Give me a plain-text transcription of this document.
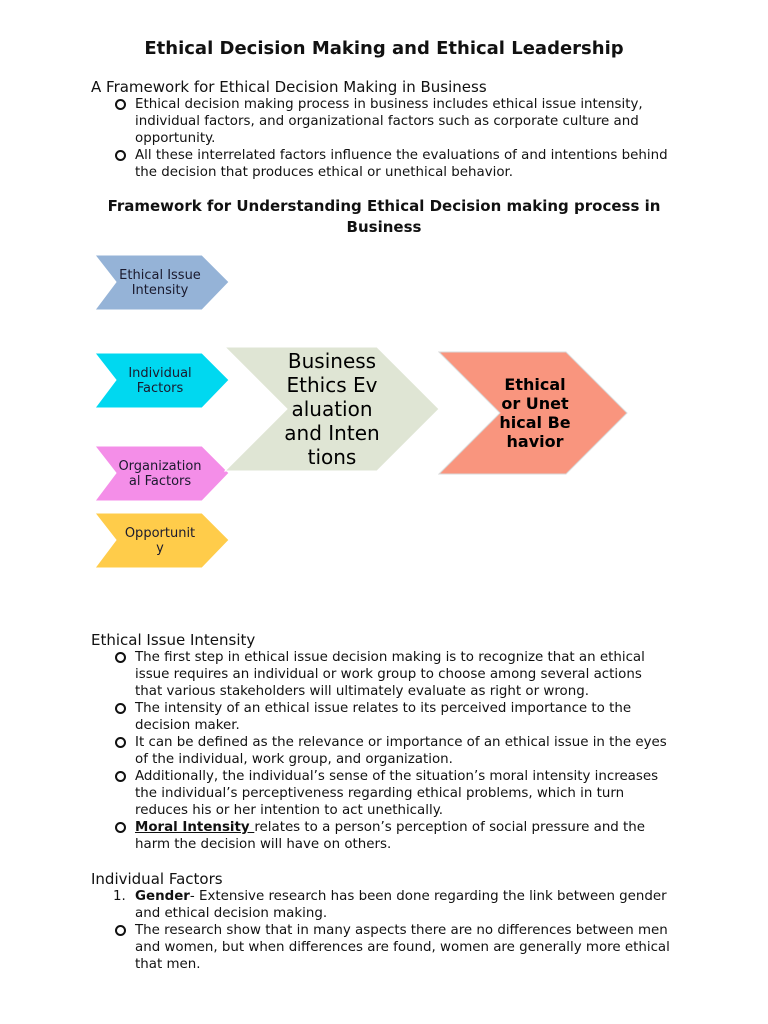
Ethical Decision Making and Ethical Leadership
A Framework for Ethical Decision Making in Business
Ethical decision making process in business includes ethical issue intensity, individual factors, and organizational factors such as corporate culture and opportunity.
All these interrelated factors influence the evaluations of and intentions behind the decision that produces ethical or unethical behavior.
Framework for Understanding Ethical Decision making process in Business
Ethical Issue Intensity
Individual Factors
Organizational Factors
Opportunity
Business Ethics Evaluation and Intentions
Ethical or Unethical Behavior
Ethical Issue Intensity
The first step in ethical issue decision making is to recognize that an ethical issue requires an individual or work group to choose among several actions that various stakeholders will ultimately evaluate as right or wrong.
The intensity of an ethical issue relates to its perceived importance to the decision maker.
It can be defined as the relevance or importance of an ethical issue in the eyes of the individual, work group, and organization.
Additionally, the individual’s sense of the situation’s moral intensity increases the individual’s perceptiveness regarding ethical problems, which in turn reduces his or her intention to act unethically.
Moral Intensity relates to a person’s perception of social pressure and the harm the decision will have on others.
Individual Factors
1. Gender- Extensive research has been done regarding the link between gender and ethical decision making.
The research show that in many aspects there are no differences between men and women, but when differences are found, women are generally more ethical that men.
